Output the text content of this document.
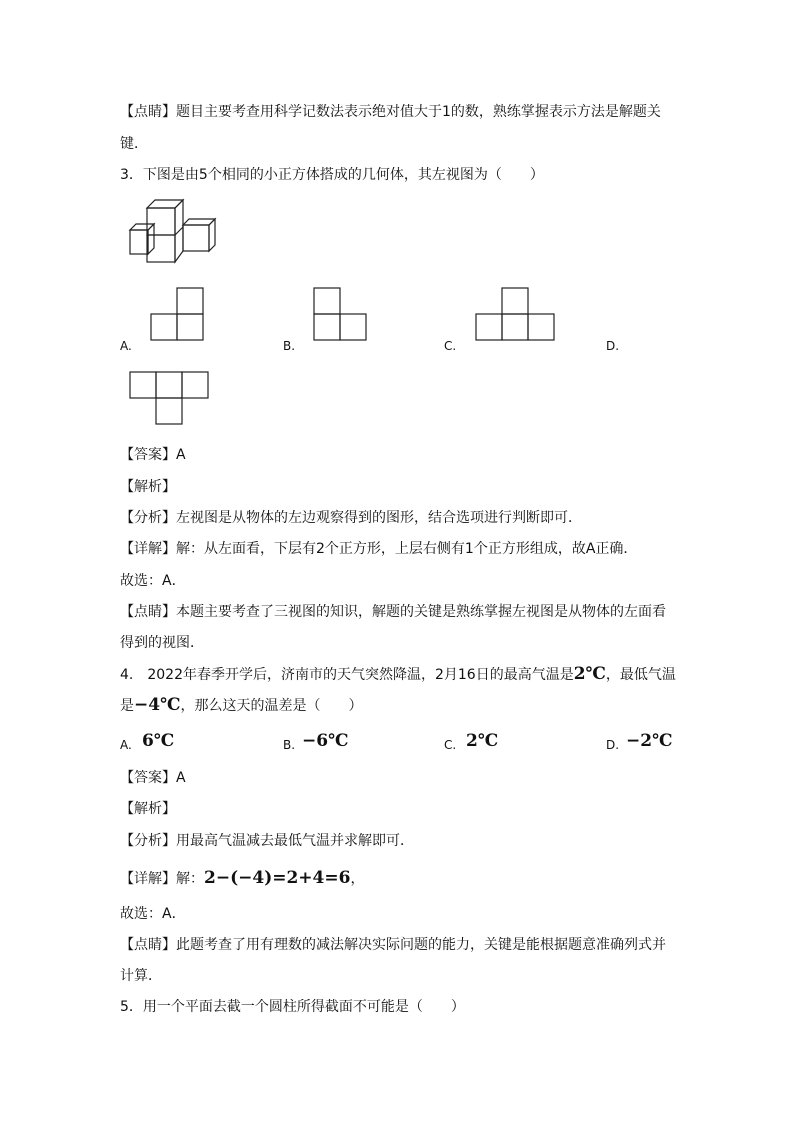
【点睛】题目主要考查用科学记数法表示绝对值大于1的数，熟练掌握表示方法是解题关
键．
3．下图是由5个相同的小正方体搭成的几何体，其左视图为（　　）
A.	B.	C.	D.
【答案】A
【解析】
【分析】左视图是从物体的左边观察得到的图形，结合选项进行判断即可．
【详解】解：从左面看，下层有2个正方形，上层右侧有1个正方形组成，故A正确．
故选：A．
【点睛】本题主要考查了三视图的知识，解题的关键是熟练掌握左视图是从物体的左面看
得到的视图．
4.　2022年春季开学后，济南市的天气突然降温，2月16日的最高气温是2℃，最低气温
是−4℃，那么这天的温差是（　　）
A. 6℃	B. −6℃	C. 2℃	D. −2℃
【答案】A
【解析】
【分析】用最高气温减去最低气温并求解即可．
【详解】解：2−(−4)=2+4=6，
故选：A．
【点睛】此题考查了用有理数的减法解决实际问题的能力，关键是能根据题意准确列式并
计算．
5．用一个平面去截一个圆柱所得截面不可能是（　　）
